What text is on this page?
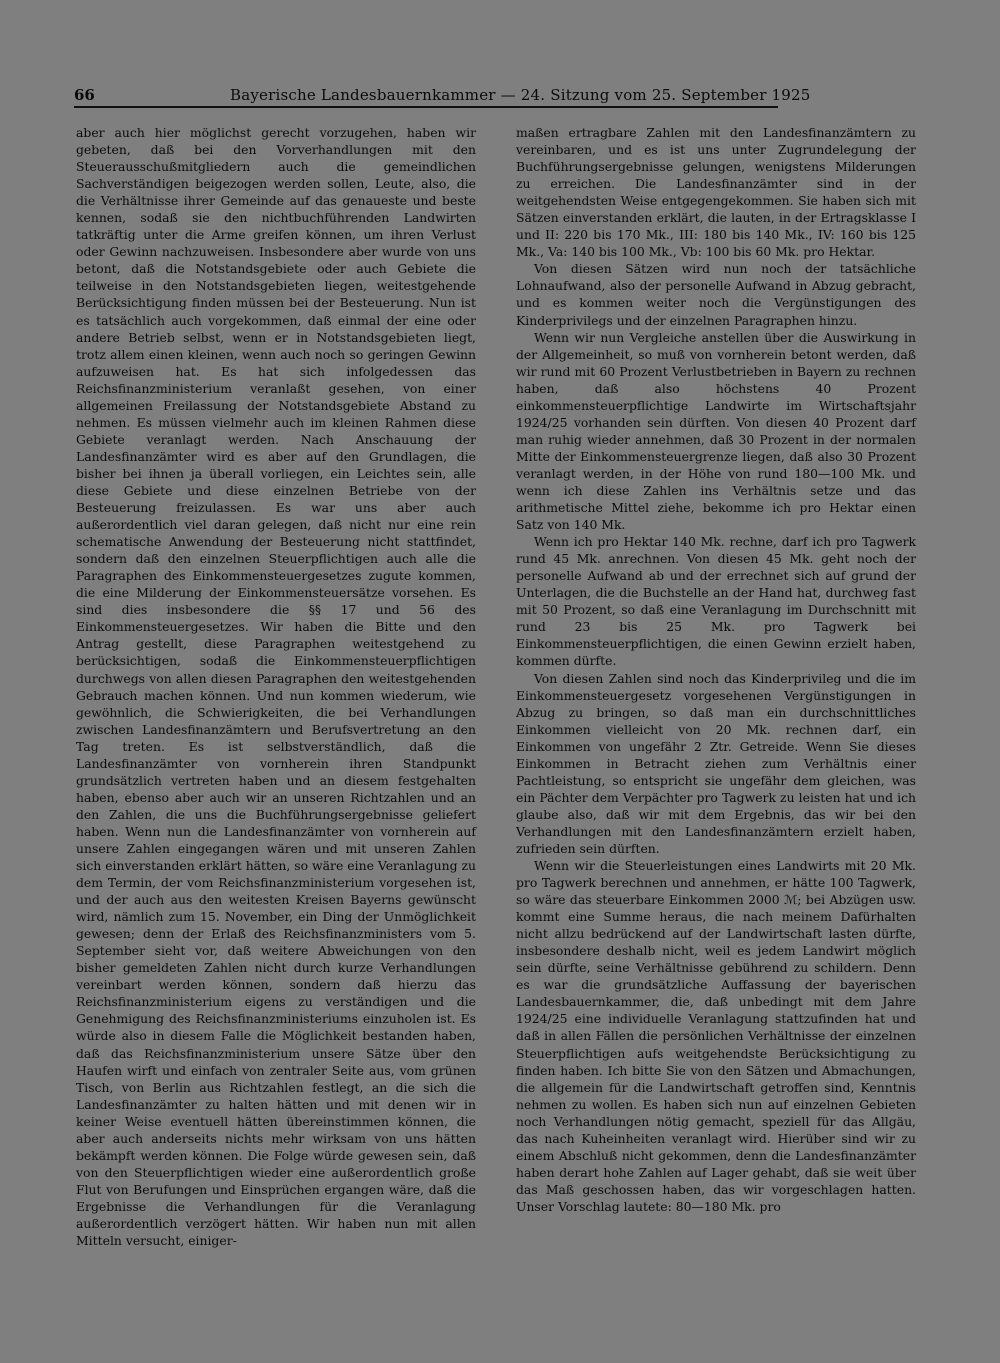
66	Bayerische Landesbauernkammer — 24. Sitzung vom 25. September 1925

aber auch hier möglichst gerecht vorzugehen, haben wir gebeten, daß bei den Vorverhandlungen mit den Steuerausschußmitgliedern auch die gemeindlichen Sachverständigen beigezogen werden sollen, Leute, also, die die Verhältnisse ihrer Gemeinde auf das genaueste und beste kennen, sodaß sie den nichtbuchführenden Landwirten tatkräftig unter die Arme greifen können, um ihren Verlust oder Gewinn nachzuweisen. Insbesondere aber wurde von uns betont, daß die Notstandsgebiete oder auch Gebiete die teilweise in den Notstandsgebieten liegen, weitestgehende Berücksichtigung finden müssen bei der Besteuerung. Nun ist es tatsächlich auch vorgekommen, daß einmal der eine oder andere Betrieb selbst, wenn er in Notstandsgebieten liegt, trotz allem einen kleinen, wenn auch noch so geringen Gewinn aufzuweisen hat. Es hat sich infolgedessen das Reichsfinanzministerium veranlaßt gesehen, von einer allgemeinen Freilassung der Notstandsgebiete Abstand zu nehmen. Es müssen vielmehr auch im kleinen Rahmen diese Gebiete veranlagt werden. Nach Anschauung der Landesfinanzämter wird es aber auf den Grundlagen, die bisher bei ihnen ja überall vorliegen, ein Leichtes sein, alle diese Gebiete und diese einzelnen Betriebe von der Besteuerung freizulassen. Es war uns aber auch außerordentlich viel daran gelegen, daß nicht nur eine rein schematische Anwendung der Besteuerung nicht stattfindet, sondern daß den einzelnen Steuerpflichtigen auch alle die Paragraphen des Einkommensteuergesetzes zugute kommen, die eine Milderung der Einkommensteuersätze vorsehen. Es sind dies insbesondere die §§ 17 und 56 des Einkommensteuergesetzes. Wir haben die Bitte und den Antrag gestellt, diese Paragraphen weitestgehend zu berücksichtigen, sodaß die Einkommensteuerpflichtigen durchwegs von allen diesen Paragraphen den weitestgehenden Gebrauch machen können. Und nun kommen wiederum, wie gewöhnlich, die Schwierigkeiten, die bei Verhandlungen zwischen Landesfinanzämtern und Berufsvertretung an den Tag treten. Es ist selbstverständlich, daß die Landesfinanzämter von vornherein ihren Standpunkt grundsätzlich vertreten haben und an diesem festgehalten haben, ebenso aber auch wir an unseren Richtzahlen und an den Zahlen, die uns die Buchführungsergebnisse geliefert haben. Wenn nun die Landesfinanzämter von vornherein auf unsere Zahlen eingegangen wären und mit unseren Zahlen sich einverstanden erklärt hätten, so wäre eine Veranlagung zu dem Termin, der vom Reichsfinanzministerium vorgesehen ist, und der auch aus den weitesten Kreisen Bayerns gewünscht wird, nämlich zum 15. November, ein Ding der Unmöglichkeit gewesen; denn der Erlaß des Reichsfinanzministers vom 5. September sieht vor, daß weitere Abweichungen von den bisher gemeldeten Zahlen nicht durch kurze Verhandlungen vereinbart werden können, sondern daß hierzu das Reichsfinanzministerium eigens zu verständigen und die Genehmigung des Reichsfinanzministeriums einzuholen ist. Es würde also in diesem Falle die Möglichkeit bestanden haben, daß das Reichsfinanzministerium unsere Sätze über den Haufen wirft und einfach von zentraler Seite aus, vom grünen Tisch, von Berlin aus Richtzahlen festlegt, an die sich die Landesfinanzämter zu halten hätten und mit denen wir in keiner Weise eventuell hätten übereinstimmen können, die aber auch anderseits nichts mehr wirksam von uns hätten bekämpft werden können. Die Folge würde gewesen sein, daß von den Steuerpflichtigen wieder eine außerordentlich große Flut von Berufungen und Einsprüchen ergangen wäre, daß die Ergebnisse die Verhandlungen für die Veranlagung außerordentlich verzögert hätten. Wir haben nun mit allen Mitteln versucht, einiger-

maßen ertragbare Zahlen mit den Landesfinanzämtern zu vereinbaren, und es ist uns unter Zugrundelegung der Buchführungsergebnisse gelungen, wenigstens Milderungen zu erreichen. Die Landesfinanzämter sind in der weitgehendsten Weise entgegengekommen. Sie haben sich mit Sätzen einverstanden erklärt, die lauten, in der Ertragsklasse I und II: 220 bis 170 Mk., III: 180 bis 140 Mk., IV: 160 bis 125 Mk., Va: 140 bis 100 Mk., Vb: 100 bis 60 Mk. pro Hektar.

Von diesen Sätzen wird nun noch der tatsächliche Lohnaufwand, also der personelle Aufwand in Abzug gebracht, und es kommen weiter noch die Vergünstigungen des Kinderprivilegs und der einzelnen Paragraphen hinzu.

Wenn wir nun Vergleiche anstellen über die Auswirkung in der Allgemeinheit, so muß von vornherein betont werden, daß wir rund mit 60 Prozent Verlustbetrieben in Bayern zu rechnen haben, daß also höchstens 40 Prozent einkommensteuerpflichtige Landwirte im Wirtschaftsjahr 1924/25 vorhanden sein dürften. Von diesen 40 Prozent darf man ruhig wieder annehmen, daß 30 Prozent in der normalen Mitte der Einkommensteuergrenze liegen, daß also 30 Prozent veranlagt werden, in der Höhe von rund 180—100 Mk. und wenn ich diese Zahlen ins Verhältnis setze und das arithmetische Mittel ziehe, bekomme ich pro Hektar einen Satz von 140 Mk.

Wenn ich pro Hektar 140 Mk. rechne, darf ich pro Tagwerk rund 45 Mk. anrechnen. Von diesen 45 Mk. geht noch der personelle Aufwand ab und der errechnet sich auf grund der Unterlagen, die die Buchstelle an der Hand hat, durchweg fast mit 50 Prozent, so daß eine Veranlagung im Durchschnitt mit rund 23 bis 25 Mk. pro Tagwerk bei Einkommensteuerpflichtigen, die einen Gewinn erzielt haben, kommen dürfte.

Von diesen Zahlen sind noch das Kinderprivileg und die im Einkommensteuergesetz vorgesehenen Vergünstigungen in Abzug zu bringen, so daß man ein durchschnittliches Einkommen vielleicht von 20 Mk. rechnen darf, ein Einkommen von ungefähr 2 Ztr. Getreide. Wenn Sie dieses Einkommen in Betracht ziehen zum Verhältnis einer Pachtleistung, so entspricht sie ungefähr dem gleichen, was ein Pächter dem Verpächter pro Tagwerk zu leisten hat und ich glaube also, daß wir mit dem Ergebnis, das wir bei den Verhandlungen mit den Landesfinanzämtern erzielt haben, zufrieden sein dürften.

Wenn wir die Steuerleistungen eines Landwirts mit 20 Mk. pro Tagwerk berechnen und annehmen, er hätte 100 Tagwerk, so wäre das steuerbare Einkommen 2000 ℳ; bei Abzügen usw. kommt eine Summe heraus, die nach meinem Dafürhalten nicht allzu bedrückend auf der Landwirtschaft lasten dürfte, insbesondere deshalb nicht, weil es jedem Landwirt möglich sein dürfte, seine Verhältnisse gebührend zu schildern. Denn es war die grundsätzliche Auffassung der bayerischen Landesbauernkammer, die, daß unbedingt mit dem Jahre 1924/25 eine individuelle Veranlagung stattzufinden hat und daß in allen Fällen die persönlichen Verhältnisse der einzelnen Steuerpflichtigen aufs weitgehendste Berücksichtigung zu finden haben. Ich bitte Sie von den Sätzen und Abmachungen, die allgemein für die Landwirtschaft getroffen sind, Kenntnis nehmen zu wollen. Es haben sich nun auf einzelnen Gebieten noch Verhandlungen nötig gemacht, speziell für das Allgäu, das nach Kuheinheiten veranlagt wird. Hierüber sind wir zu einem Abschluß nicht gekommen, denn die Landesfinanzämter haben derart hohe Zahlen auf Lager gehabt, daß sie weit über das Maß geschossen haben, das wir vorgeschlagen hatten. Unser Vorschlag lautete: 80—180 Mk. pro
